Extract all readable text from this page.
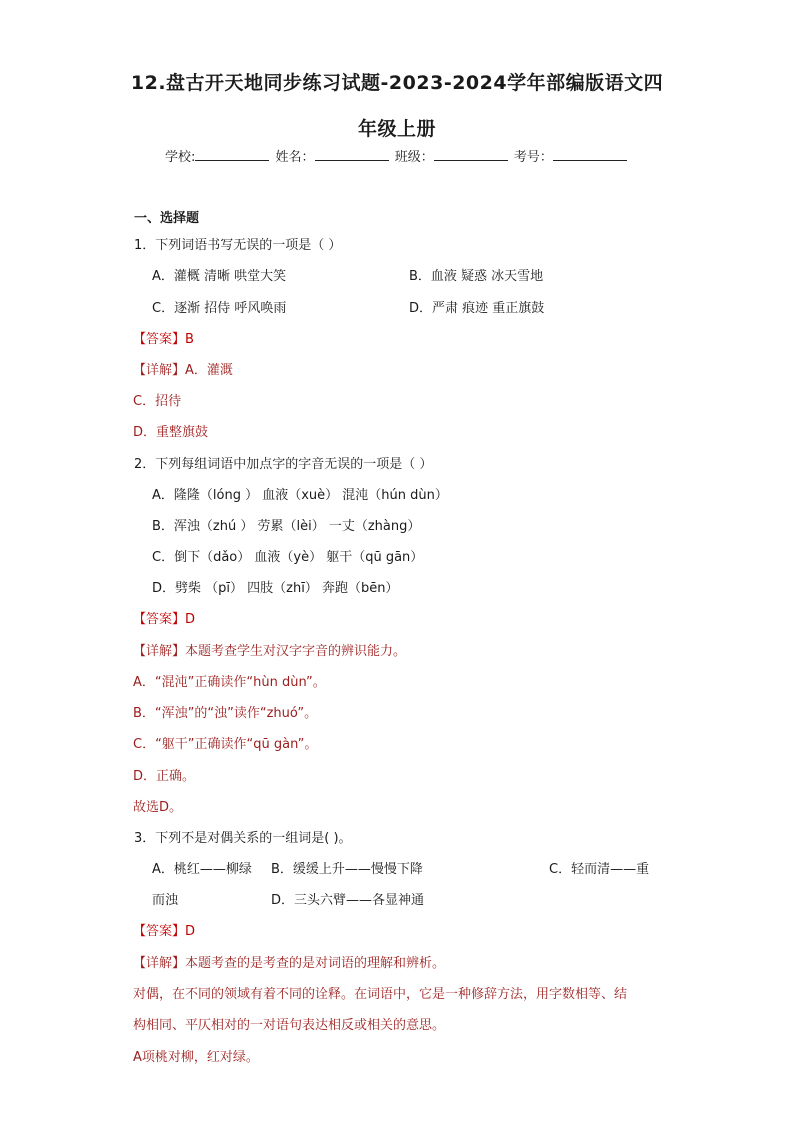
12.盘古开天地同步练习试题-2023-2024学年部编版语文四
年级上册
学校:	姓名：	班级：	考号：
一、选择题
1．下列词语书写无误的一项是（ ）
A．灌概 清晰 哄堂大笑	B．血液 疑惑 冰天雪地
C．逐渐 招侍 呼风唤雨	D．严肃 痕迹 重正旗鼓
【答案】B
【详解】A．灌溉
C．招待
D．重整旗鼓
2．下列每组词语中加点字的字音无误的一项是（ ）
A．隆隆（lóng ） 血液（xuè） 混沌（hún dùn）
B．浑浊（zhú ） 劳累（lèi） 一丈（zhàng）
C．倒下（dǎo） 血液（yè） 躯干（qū gān）
D．劈柴 （pī） 四肢（zhī） 奔跑（bēn）
【答案】D
【详解】本题考查学生对汉字字音的辨识能力。
A．“混沌”正确读作“hùn dùn”。
B．“浑浊”的“浊”读作“zhuó”。
C．“躯干”正确读作“qū gàn”。
D．正确。
故选D。
3．下列不是对偶关系的一组词是( )。
A．桃红——柳绿 B．缓缓上升——慢慢下降	C．轻而清——重
而浊	D．三头六臂——各显神通
【答案】D
【详解】本题考查的是考查的是对词语的理解和辨析。
对偶，在不同的领域有着不同的诠释。在词语中，它是一种修辞方法，用字数相等、结
构相同、平仄相对的一对语句表达相反或相关的意思。
A项桃对柳，红对绿。
